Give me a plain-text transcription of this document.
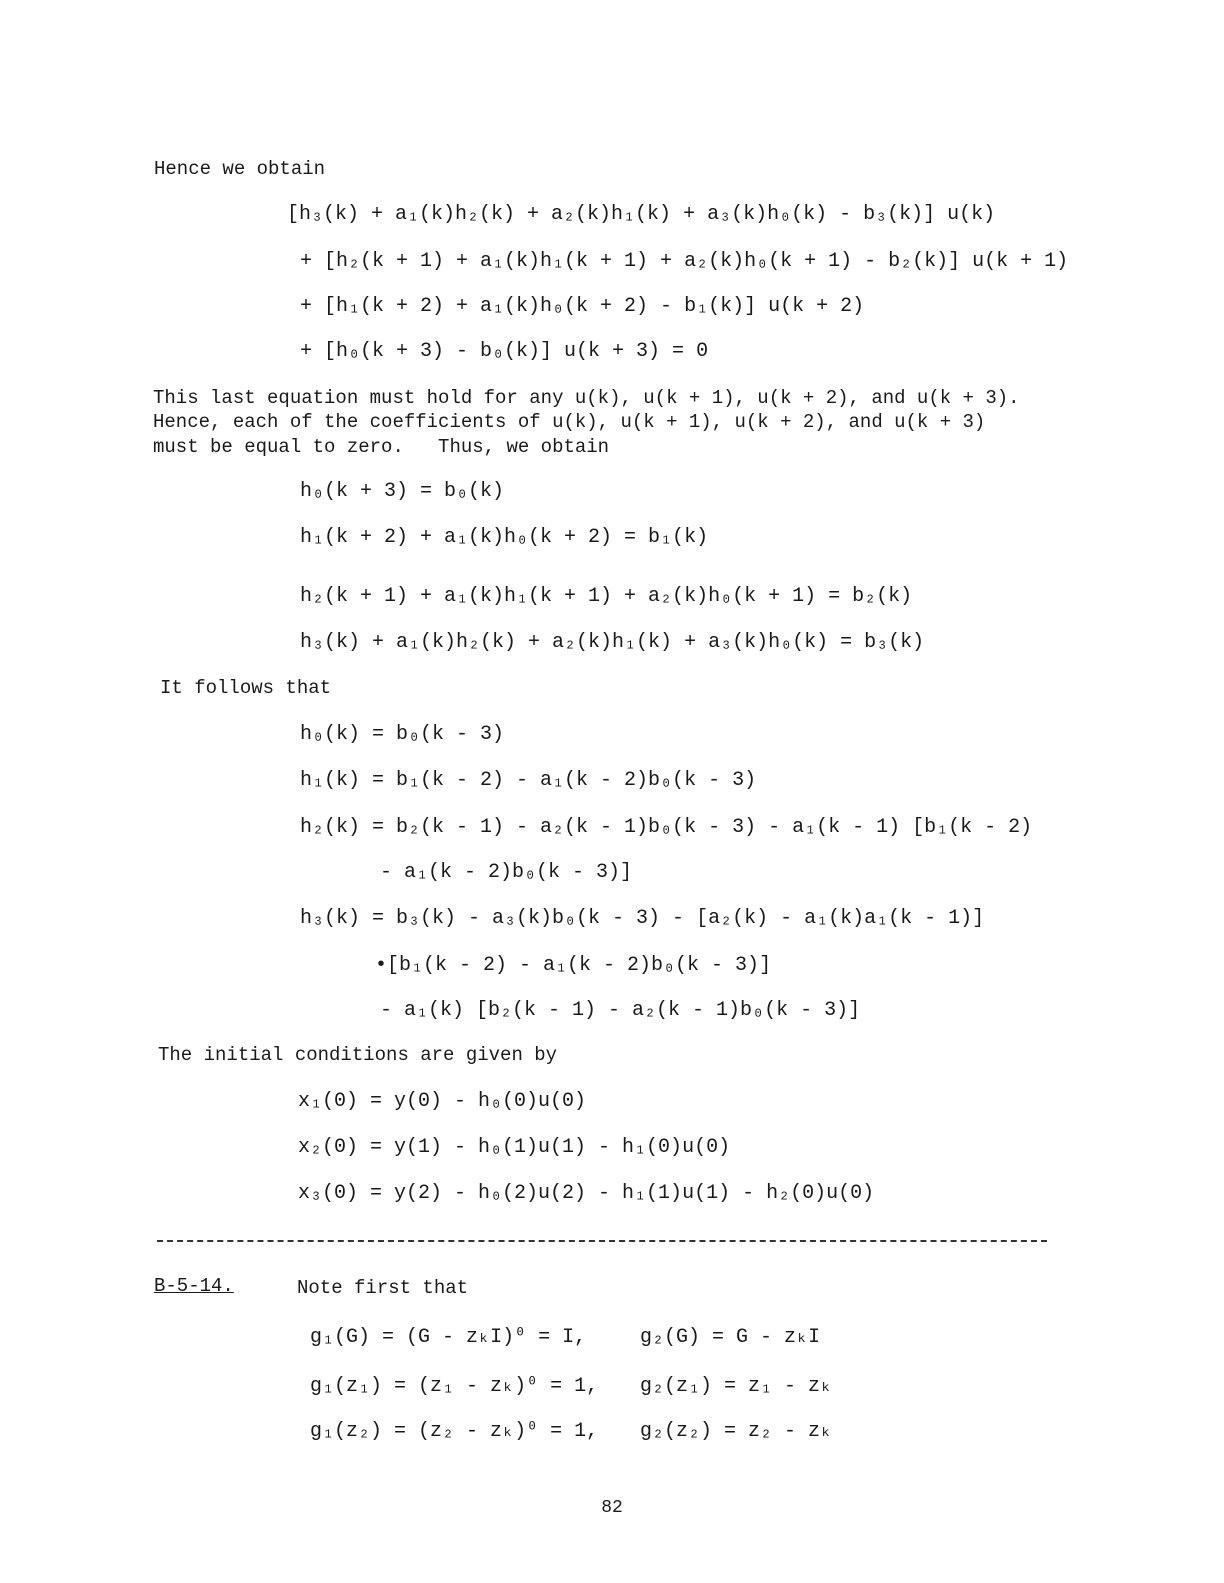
Hence we obtain
[h₃(k) + a₁(k)h₂(k) + a₂(k)h₁(k) + a₃(k)h₀(k) - b₃(k)] u(k)
+ [h₂(k + 1) + a₁(k)h₁(k + 1) + a₂(k)h₀(k + 1) - b₂(k)] u(k + 1)
+ [h₁(k + 2) + a₁(k)h₀(k + 2) - b₁(k)] u(k + 2)
+ [h₀(k + 3) - b₀(k)] u(k + 3) = 0
This last equation must hold for any u(k), u(k + 1), u(k + 2), and u(k + 3).
Hence, each of the coefficients of u(k), u(k + 1), u(k + 2), and u(k + 3)
must be equal to zero.   Thus, we obtain
h₀(k + 3) = b₀(k)
h₁(k + 2) + a₁(k)h₀(k + 2) = b₁(k)
h₂(k + 1) + a₁(k)h₁(k + 1) + a₂(k)h₀(k + 1) = b₂(k)
h₃(k) + a₁(k)h₂(k) + a₂(k)h₁(k) + a₃(k)h₀(k) = b₃(k)
It follows that
h₀(k) = b₀(k - 3)
h₁(k) = b₁(k - 2) - a₁(k - 2)b₀(k - 3)
h₂(k) = b₂(k - 1) - a₂(k - 1)b₀(k - 3) - a₁(k - 1) [b₁(k - 2)
- a₁(k - 2)b₀(k - 3)]
h₃(k) = b₃(k) - a₃(k)b₀(k - 3) - [a₂(k) - a₁(k)a₁(k - 1)]
•[b₁(k - 2) - a₁(k - 2)b₀(k - 3)]
- a₁(k) [b₂(k - 1) - a₂(k - 1)b₀(k - 3)]
The initial conditions are given by
x₁(0) = y(0) - h₀(0)u(0)
x₂(0) = y(1) - h₀(1)u(1) - h₁(0)u(0)
x₃(0) = y(2) - h₀(2)u(2) - h₁(1)u(1) - h₂(0)u(0)
B-5-14.	Note first that
g₁(G) = (G - zₖI)⁰ = I,	g₂(G) = G - zₖI
g₁(z₁) = (z₁ - zₖ)⁰ = 1, g₂(z₁) = z₁ - zₖ
g₁(z₂) = (z₂ - zₖ)⁰ = 1, g₂(z₂) = z₂ - zₖ
82
